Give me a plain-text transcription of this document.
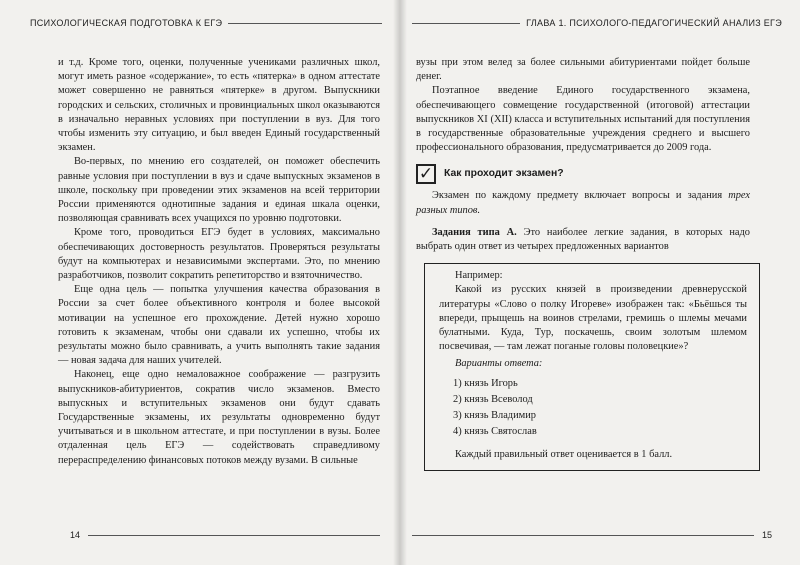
ПСИХОЛОГИЧЕСКАЯ ПОДГОТОВКА К ЕГЭ

и т.д. Кроме того, оценки, полученные учениками различных школ, могут иметь разное «содержание», то есть «пятерка» в одном аттестате может совершенно не равняться «пятерке» в другом. Выпускники городских и сельских, столичных и провинциальных школ оказываются в изначально неравных условиях при поступлении в вуз. Для того чтобы изменить эту ситуацию, и был введен Единый государственный экзамен.

Во-первых, по мнению его создателей, он поможет обеспечить равные условия при поступлении в вуз и сдаче выпускных экзаменов в школе, поскольку при проведении этих экзаменов на всей территории России применяются однотипные задания и единая шкала оценки, позволяющая сравнивать всех учащихся по уровню подготовки.

Кроме того, проводиться ЕГЭ будет в условиях, максимально обеспечивающих достоверность результатов. Проверяться результаты будут на компьютерах и независимыми экспертами. Это, по мнению разработчиков, позволит сократить репетиторство и взяточничество.

Еще одна цель — попытка улучшения качества образования в России за счет более объективного контроля и более высокой мотивации на успешное его прохождение. Детей нужно хорошо готовить к экзаменам, чтобы они сдавали их успешно, чтобы их результаты можно было сравнивать, а учить выполнять такие задания — новая задача для наших учителей.

Наконец, еще одно немаловажное соображение — разгрузить выпускников-абитуриентов, сократив число экзаменов. Вместо выпускных и вступительных экзаменов они будут сдавать Государственные экзамены, их результаты одновременно будут учитываться и в школьном аттестате, и при поступлении в вузы. Более отдаленная цель ЕГЭ — содействовать справедливому перераспределению финансовых потоков между вузами. В сильные

14
ГЛАВА 1. ПСИХОЛОГО-ПЕДАГОГИЧЕСКИЙ АНАЛИЗ ЕГЭ

вузы при этом велед за более сильными абитуриентами пойдет больше денег.

Поэтапное введение Единого государственного экзамена, обеспечивающего совмещение государственной (итоговой) аттестации выпускников XI (XII) класса и вступительных испытаний для поступления в государственные образовательные учреждения среднего и высшего профессионального образования, предусматривается до 2009 года.

✓ Как проходит экзамен?

Экзамен по каждому предмету включает вопросы и задания трех разных типов.

Задания типа А. Это наиболее легкие задания, в которых надо выбрать один ответ из четырех предложенных вариантов

Например:

Какой из русских князей в произведении древнерусской литературы «Слово о полку Игореве» изображен так: «Бьёшься ты впереди, прыщешь на воинов стрелами, гремишь о шлемы мечами булатными. Куда, Тур, поскачешь, своим золотым шлемом посвечивая, — там лежат поганые головы половецкие»?

Варианты ответа:

1) князь Игорь
2) князь Всеволод
3) князь Владимир
4) князь Святослав

Каждый правильный ответ оценивается в 1 балл.

15
